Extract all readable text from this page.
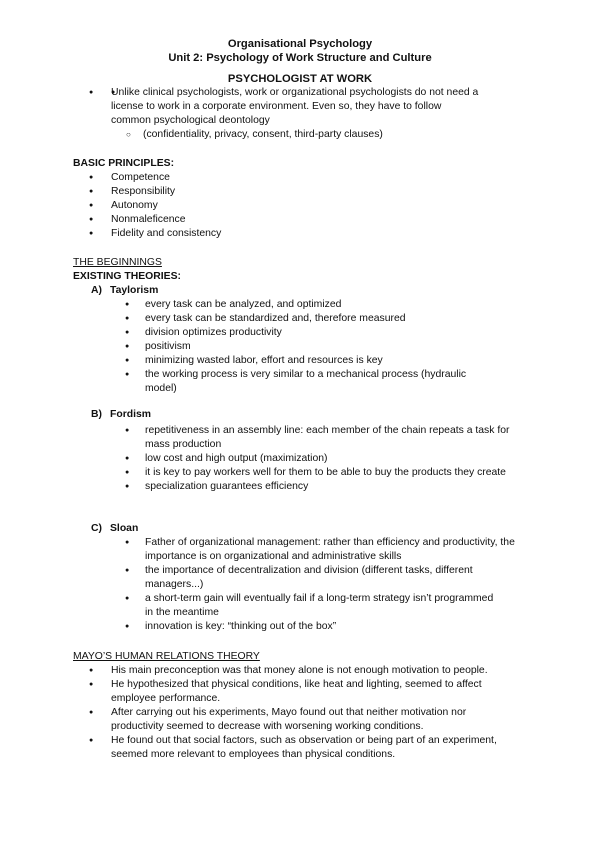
Organisational Psychology
Unit 2: Psychology of Work Structure and Culture
PSYCHOLOGIST AT WORK

● Unlike clinical psychologists, work or organizational psychologists do not need a license to work in a corporate environment. Even so, they have to follow common psychological deontology

(confidentiality, privacy, consent, third-party clauses)

BASIC PRINCIPLES:

Competence

Responsibility

Autonomy

Nonmaleficence

Fidelity and consistency

THE BEGINNINGS
EXISTING THEORIES:
A) Taylorism

every task can be analyzed, and optimized

every task can be standardized and, therefore measured

division optimizes productivity

positivism

minimizing wasted labor, effort and resources is key

the working process is very similar to a mechanical process (hydraulic model)

B) Fordism

repetitiveness in an assembly line: each member of the chain repeats a task for mass production

low cost and high output (maximization)

it is key to pay workers well for them to be able to buy the products they create

specialization guarantees efficiency

C) Sloan

Father of organizational management: rather than efficiency and productivity, the importance is on organizational and administrative skills

the importance of decentralization and division (different tasks, different managers...)

a short-term gain will eventually fail if a long-term strategy isn’t programmed in the meantime

innovation is key: “thinking out of the box”

MAYO’S HUMAN RELATIONS THEORY

His main preconception was that money alone is not enough motivation to people.

He hypothesized that physical conditions, like heat and lighting, seemed to affect employee performance.

After carrying out his experiments, Mayo found out that neither motivation nor productivity seemed to decrease with worsening working conditions.

He found out that social factors, such as observation or being part of an experiment, seemed more relevant to employees than physical conditions.

●
○
●
●
●
●
●
●
●
●
●
●
●
●
●
●
●
●
●
●
●
●
●
●
●
